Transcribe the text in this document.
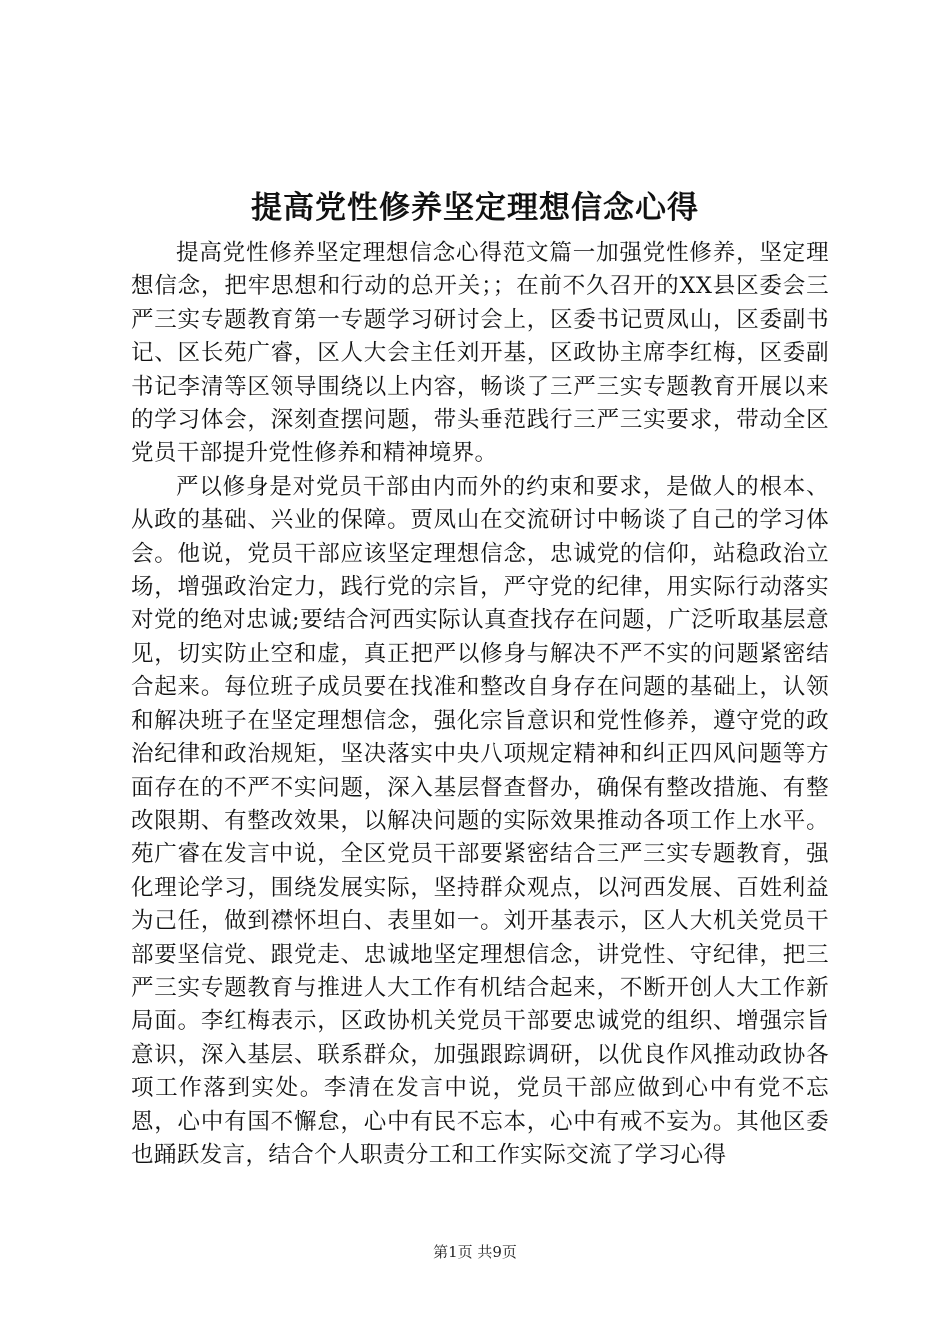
提高党性修养坚定理想信念心得

提高党性修养坚定理想信念心得范文篇一加强党性修养，坚定理想信念，把牢思想和行动的总开关；；在前不久召开的XX县区委会三严三实专题教育第一专题学习研讨会上，区委书记贾凤山，区委副书记、区长苑广睿，区人大会主任刘开基，区政协主席李红梅，区委副书记李清等区领导围绕以上内容，畅谈了三严三实专题教育开展以来的学习体会，深刻查摆问题，带头垂范践行三严三实要求，带动全区党员干部提升党性修养和精神境界。

严以修身是对党员干部由内而外的约束和要求，是做人的根本、从政的基础、兴业的保障。贾凤山在交流研讨中畅谈了自己的学习体会。他说，党员干部应该坚定理想信念，忠诚党的信仰，站稳政治立场，增强政治定力，践行党的宗旨，严守党的纪律，用实际行动落实对党的绝对忠诚;要结合河西实际认真查找存在问题，广泛听取基层意见，切实防止空和虚，真正把严以修身与解决不严不实的问题紧密结合起来。每位班子成员要在找准和整改自身存在问题的基础上，认领和解决班子在坚定理想信念，强化宗旨意识和党性修养，遵守党的政治纪律和政治规矩，坚决落实中央八项规定精神和纠正四风问题等方面存在的不严不实问题，深入基层督查督办，确保有整改措施、有整改限期、有整改效果，以解决问题的实际效果推动各项工作上水平。苑广睿在发言中说，全区党员干部要紧密结合三严三实专题教育，强化理论学习，围绕发展实际，坚持群众观点，以河西发展、百姓利益为己任，做到襟怀坦白、表里如一。刘开基表示，区人大机关党员干部要坚信党、跟党走、忠诚地坚定理想信念，讲党性、守纪律，把三严三实专题教育与推进人大工作有机结合起来，不断开创人大工作新局面。李红梅表示，区政协机关党员干部要忠诚党的组织、增强宗旨意识，深入基层、联系群众，加强跟踪调研，以优良作风推动政协各项工作落到实处。李清在发言中说，党员干部应做到心中有党不忘恩，心中有国不懈怠，心中有民不忘本，心中有戒不妄为。其他区委也踊跃发言，结合个人职责分工和工作实际交流了学习心得

第1页 共9页
